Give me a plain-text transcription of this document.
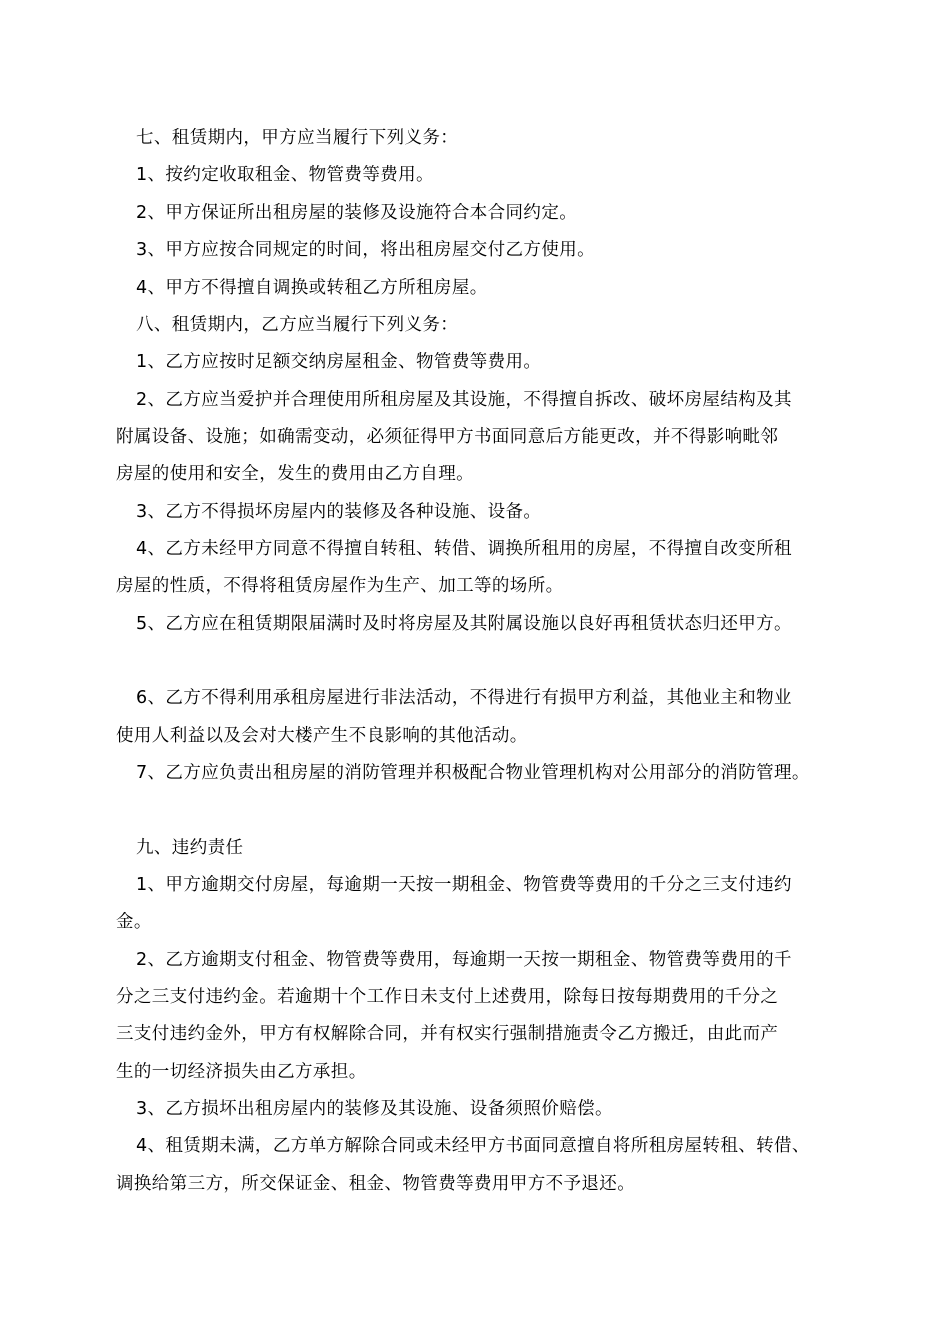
七、租赁期内，甲方应当履行下列义务：
1、按约定收取租金、物管费等费用。
2、甲方保证所出租房屋的装修及设施符合本合同约定。
3、甲方应按合同规定的时间，将出租房屋交付乙方使用。
4、甲方不得擅自调换或转租乙方所租房屋。
八、租赁期内，乙方应当履行下列义务：
1、乙方应按时足额交纳房屋租金、物管费等费用。
2、乙方应当爱护并合理使用所租房屋及其设施，不得擅自拆改、破坏房屋结构及其
附属设备、设施；如确需变动，必须征得甲方书面同意后方能更改，并不得影响毗邻
房屋的使用和安全，发生的费用由乙方自理。
3、乙方不得损坏房屋内的装修及各种设施、设备。
4、乙方未经甲方同意不得擅自转租、转借、调换所租用的房屋，不得擅自改变所租
房屋的性质，不得将租赁房屋作为生产、加工等的场所。
5、乙方应在租赁期限届满时及时将房屋及其附属设施以良好再租赁状态归还甲方。
6、乙方不得利用承租房屋进行非法活动，不得进行有损甲方利益，其他业主和物业
使用人利益以及会对大楼产生不良影响的其他活动。
7、乙方应负责出租房屋的消防管理并积极配合物业管理机构对公用部分的消防管理。
九、违约责任
1、甲方逾期交付房屋，每逾期一天按一期租金、物管费等费用的千分之三支付违约
金。
2、乙方逾期支付租金、物管费等费用，每逾期一天按一期租金、物管费等费用的千
分之三支付违约金。若逾期十个工作日未支付上述费用，除每日按每期费用的千分之
三支付违约金外，甲方有权解除合同，并有权实行强制措施责令乙方搬迁，由此而产
生的一切经济损失由乙方承担。
3、乙方损坏出租房屋内的装修及其设施、设备须照价赔偿。
4、租赁期未满，乙方单方解除合同或未经甲方书面同意擅自将所租房屋转租、转借、
调换给第三方，所交保证金、租金、物管费等费用甲方不予退还。
